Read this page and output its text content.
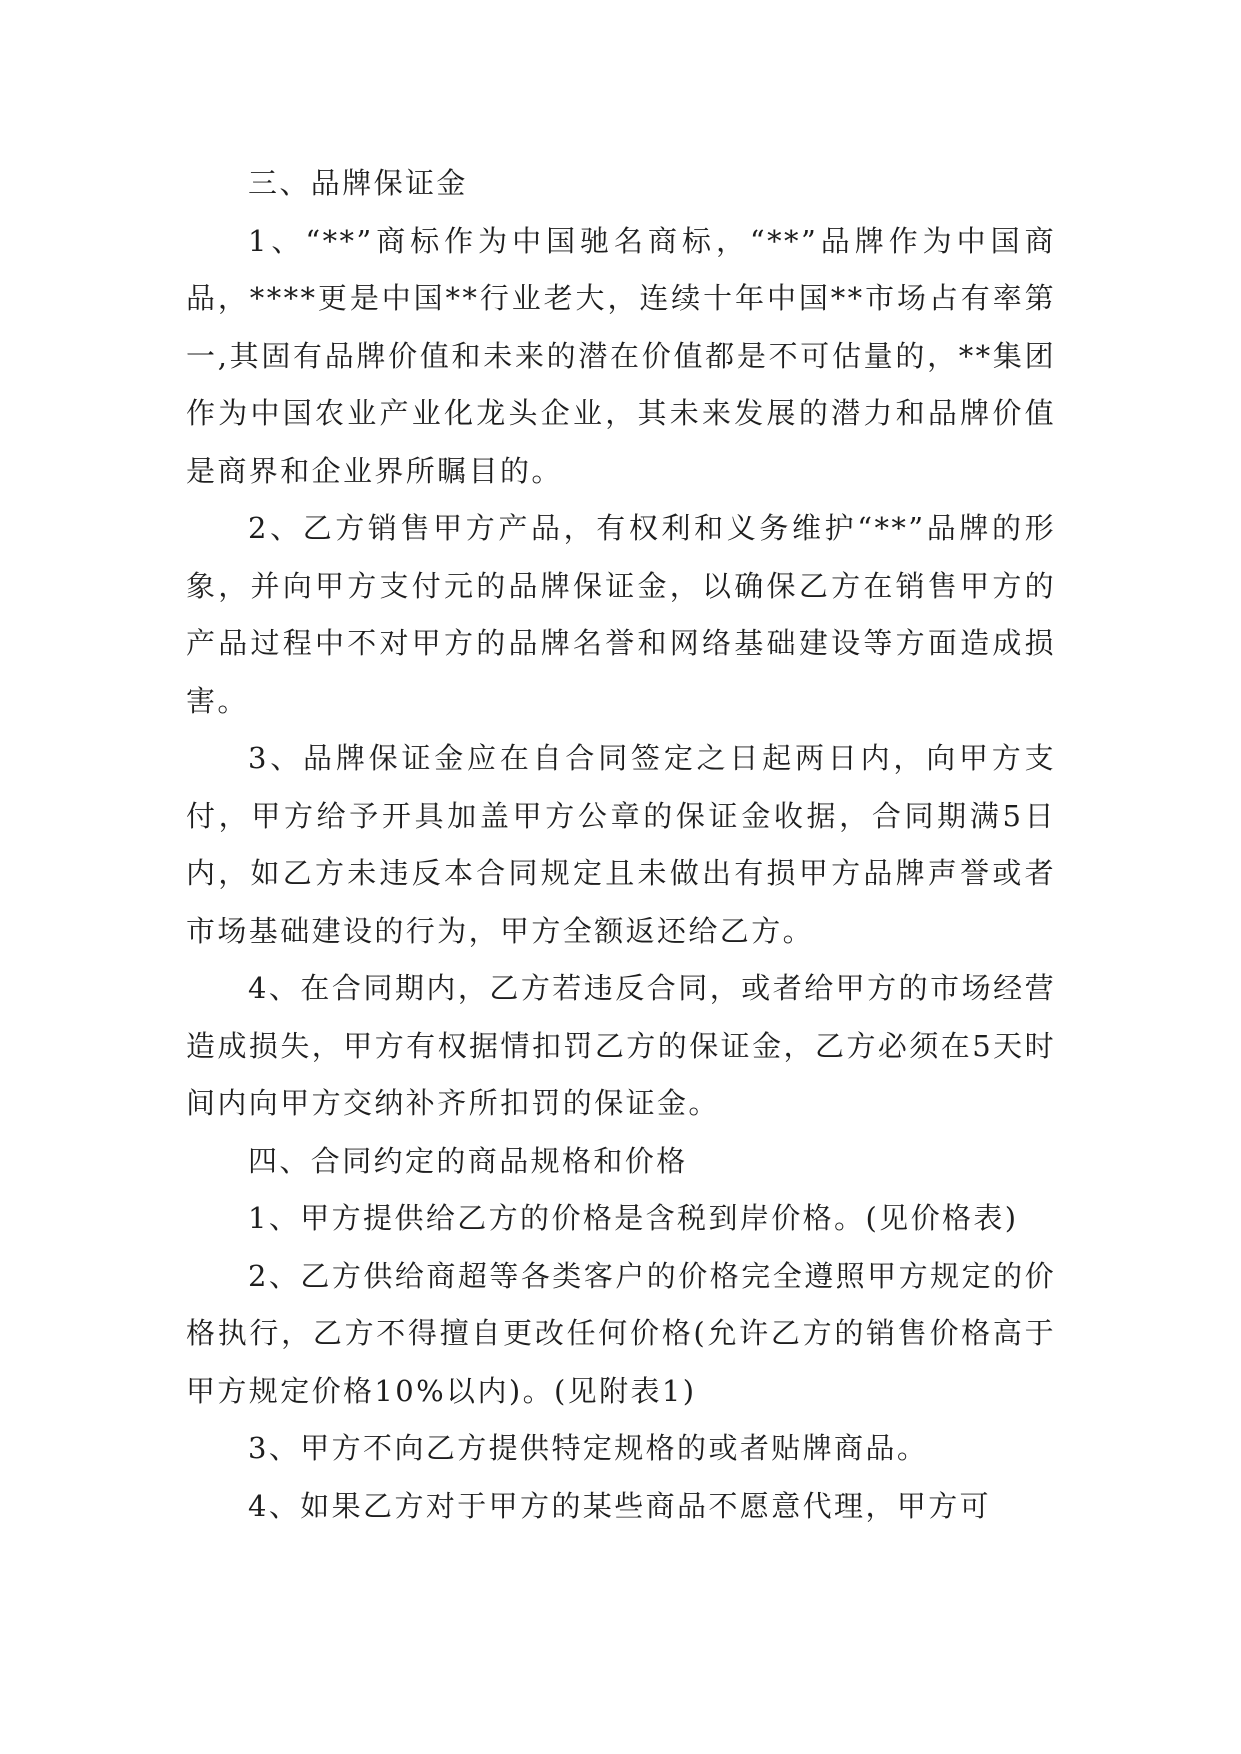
三、品牌保证金

1、“**”商标作为中国驰名商标，“**”品牌作为中国商品，****更是中国**行业老大，连续十年中国**市场占有率第一,其固有品牌价值和未来的潜在价值都是不可估量的，**集团作为中国农业产业化龙头企业，其未来发展的潜力和品牌价值是商界和企业界所瞩目的。

2、乙方销售甲方产品，有权利和义务维护“**”品牌的形象，并向甲方支付元的品牌保证金，以确保乙方在销售甲方的产品过程中不对甲方的品牌名誉和网络基础建设等方面造成损害。

3、品牌保证金应在自合同签定之日起两日内，向甲方支付，甲方给予开具加盖甲方公章的保证金收据，合同期满5日内，如乙方未违反本合同规定且未做出有损甲方品牌声誉或者市场基础建设的行为，甲方全额返还给乙方。

4、在合同期内，乙方若违反合同，或者给甲方的市场经营造成损失，甲方有权据情扣罚乙方的保证金，乙方必须在5天时间内向甲方交纳补齐所扣罚的保证金。

四、合同约定的商品规格和价格

1、甲方提供给乙方的价格是含税到岸价格。(见价格表)

2、乙方供给商超等各类客户的价格完全遵照甲方规定的价格执行，乙方不得擅自更改任何价格(允许乙方的销售价格高于甲方规定价格10%以内)。(见附表1)

3、甲方不向乙方提供特定规格的或者贴牌商品。

4、如果乙方对于甲方的某些商品不愿意代理，甲方可
